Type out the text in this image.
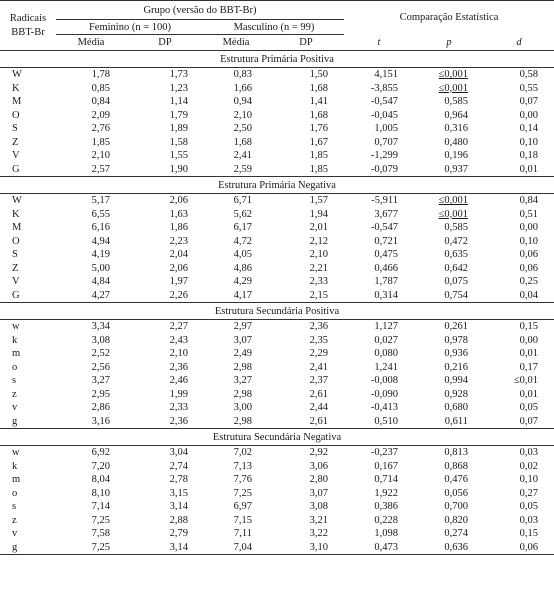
Radicais BBT-Br	Grupo (versão do BBT-Br)				Comparação Estatística		
	Feminino (n = 100)		Masculino (n = 99)				
	Média	DP	Média	DP	t	p	d
Estrutura Primária Positiva							
W	1,78	1,73	0,83	1,50	4,151	≤0,001	0,58
K	0,85	1,23	1,66	1,68	-3,855	≤0,001	0,55
M	0,84	1,14	0,94	1,41	-0,547	0,585	0,07
O	2,09	1,79	2,10	1,68	-0,045	0,964	0,00
S	2,76	1,89	2,50	1,76	1,005	0,316	0,14
Z	1,85	1,58	1,68	1,67	0,707	0,480	0,10
V	2,10	1,55	2,41	1,85	-1,299	0,196	0,18
G	2,57	1,90	2,59	1,85	-0,079	0,937	0,01
Estrutura Primária Negativa							
W	5,17	2,06	6,71	1,57	-5,911	≤0,001	0,84
K	6,55	1,63	5,62	1,94	3,677	≤0,001	0,51
M	6,16	1,86	6,17	2,01	-0,547	0,585	0,00
O	4,94	2,23	4,72	2,12	0,721	0,472	0,10
S	4,19	2,04	4,05	2,10	0,475	0,635	0,06
Z	5,00	2,06	4,86	2,21	0,466	0,642	0,06
V	4,84	1,97	4,29	2,33	1,787	0,075	0,25
G	4,27	2,26	4,17	2,15	0,314	0,754	0,04
Estrutura Secundária Positiva							
w	3,34	2,27	2,97	2,36	1,127	0,261	0,15
k	3,08	2,43	3,07	2,35	0,027	0,978	0,00
m	2,52	2,10	2,49	2,29	0,080	0,936	0,01
o	2,56	2,36	2,98	2,41	1,241	0,216	0,17
s	3,27	2,46	3,27	2,37	-0,008	0,994	≤0,01
z	2,95	1,99	2,98	2,61	-0,090	0,928	0,01
v	2,86	2,33	3,00	2,44	-0,413	0,680	0,05
g	3,16	2,36	2,98	2,61	0,510	0,611	0,07
Estrutura Secundária Negativa							
w	6,92	3,04	7,02	2,92	-0,237	0,813	0,03
k	7,20	2,74	7,13	3,06	0,167	0,868	0,02
m	8,04	2,78	7,76	2,80	0,714	0,476	0,10
o	8,10	3,15	7,25	3,07	1,922	0,056	0,27
s	7,14	3,14	6,97	3,08	0,386	0,700	0,05
z	7,25	2,88	7,15	3,21	0,228	0,820	0,03
v	7,58	2,79	7,11	3,22	1,098	0,274	0,15
g	7,25	3,14	7,04	3,10	0,473	0,636	0,06
